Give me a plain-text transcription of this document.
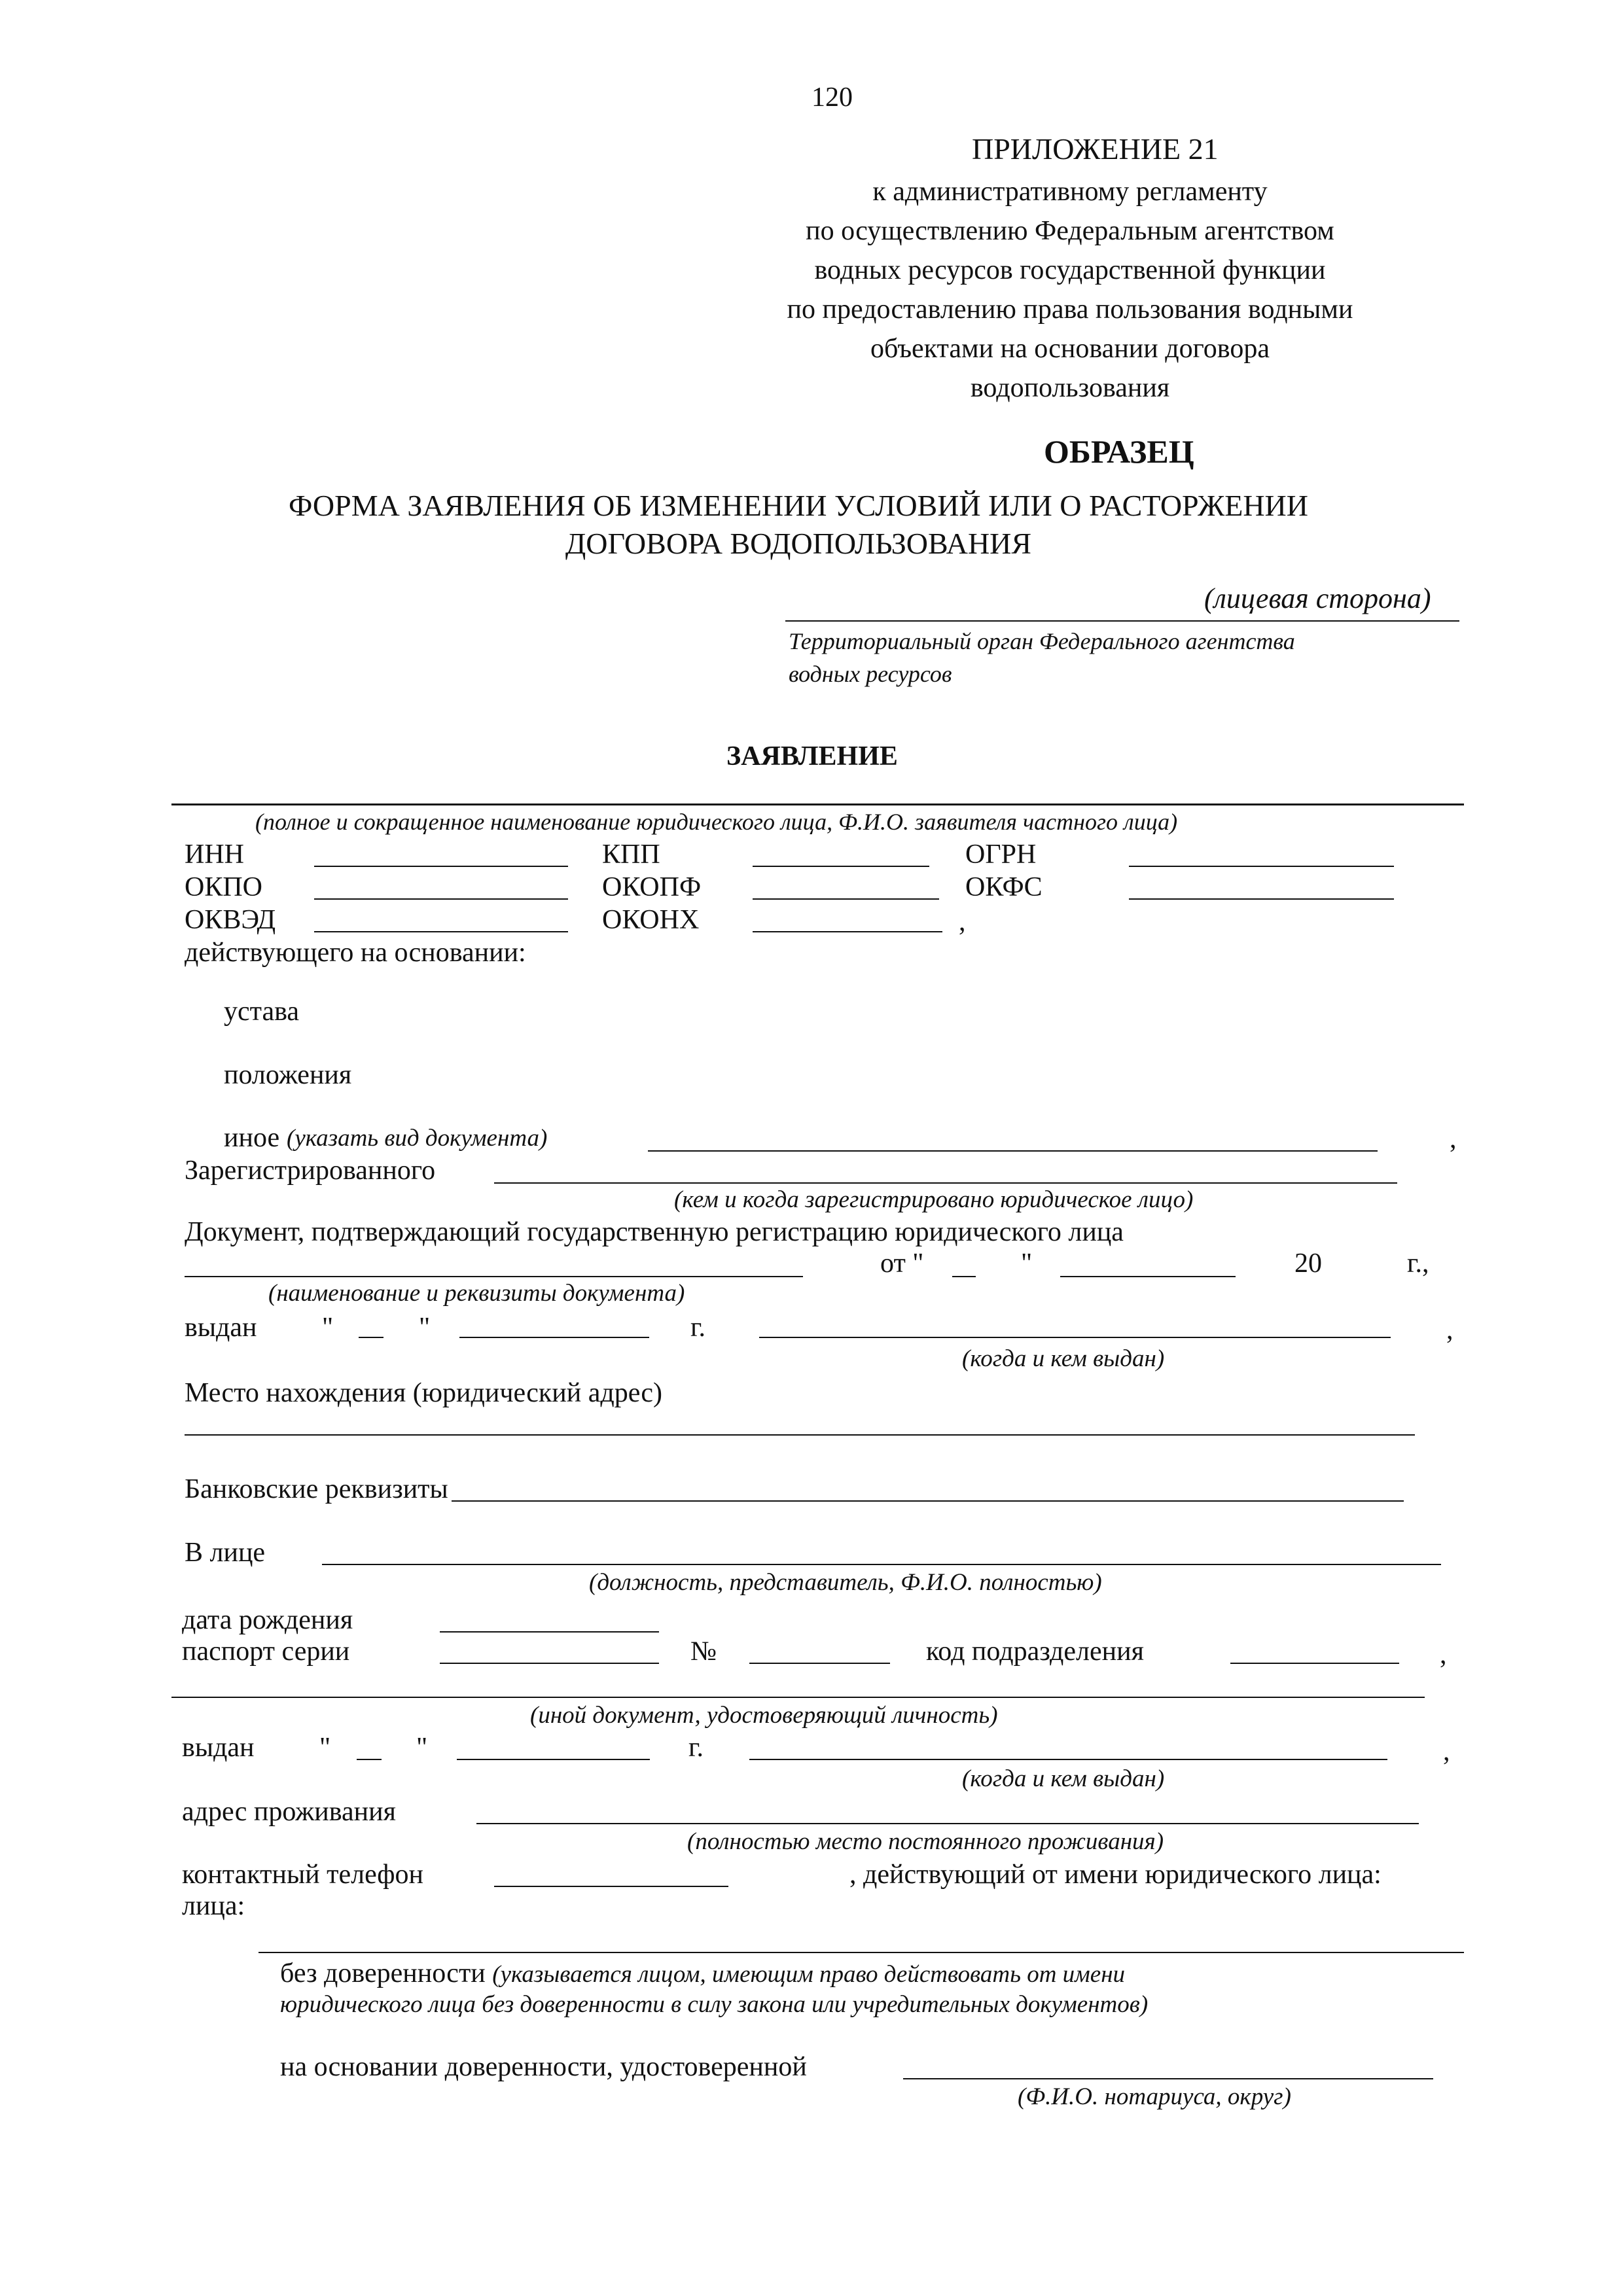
120
ПРИЛОЖЕНИЕ 21
к административному регламенту
по осуществлению Федеральным агентством
водных ресурсов государственной функции
по предоставлению права пользования водными
объектами на основании договора
водопользования
ОБРАЗЕЦ
ФОРМА ЗАЯВЛЕНИЯ ОБ ИЗМЕНЕНИИ УСЛОВИЙ ИЛИ О РАСТОРЖЕНИИ
ДОГОВОРА ВОДОПОЛЬЗОВАНИЯ
(лицевая сторона)
Территориальный орган Федерального агентства
водных ресурсов
ЗАЯВЛЕНИЕ
(полное и сокращенное наименование юридического лица, Ф.И.О. заявителя частного лица)
ИНН	КПП	ОГРН
ОКПО	ОКОПФ	ОКФС
ОКВЭД	ОКОНХ	,
действующего на основании:
устава
положения
иное (указать вид документа)	,
Зарегистрированного
(кем и когда зарегистрировано юридическое лицо)
Документ, подтверждающий государственную регистрацию юридического лица
от "	"	20	г.,
(наименование и реквизиты документа)
выдан "	"	г.	,
(когда и кем выдан)
Место нахождения (юридический адрес)
Банковские реквизиты
В лице
(должность, представитель, Ф.И.О. полностью)
дата рождения
паспорт серии	№	код подразделения	,
(иной документ, удостоверяющий личность)
выдан "	"	г.	,
(когда и кем выдан)
адрес проживания
(полностью место постоянного проживания)
контактный телефон	, действующий от имени юридического лица:
лица:
без доверенности (указывается лицом, имеющим право действовать от имени
юридического лица без доверенности в силу закона или учредительных документов)
на основании доверенности, удостоверенной
(Ф.И.О. нотариуса, округ)
